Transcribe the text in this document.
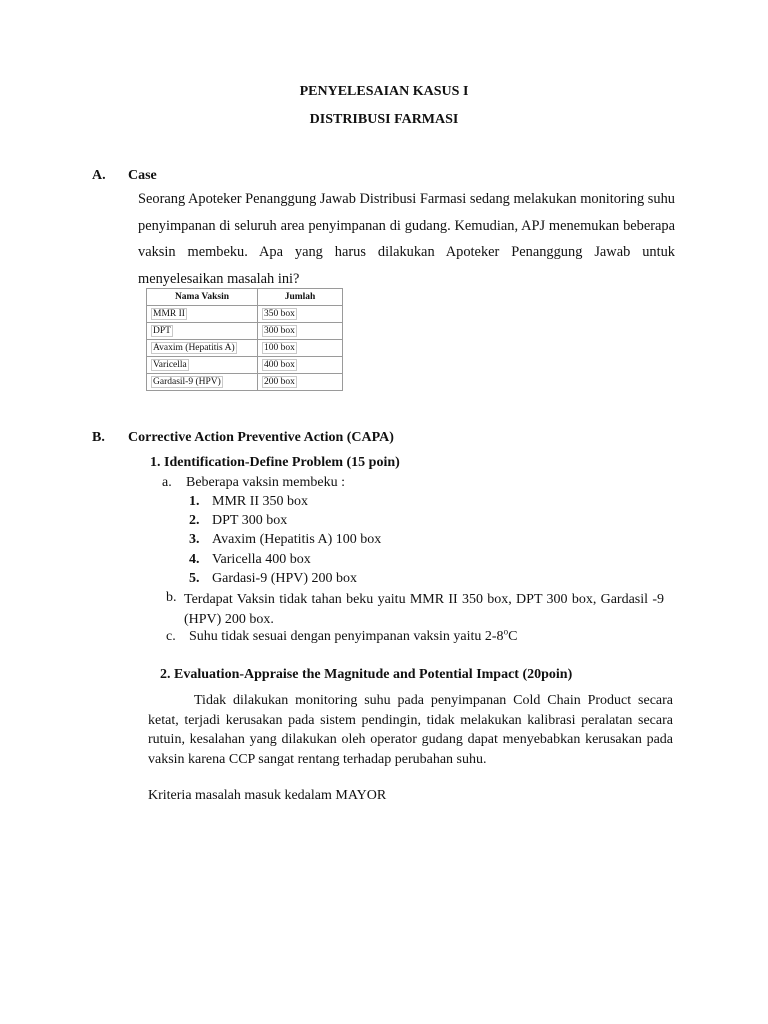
PENYELESAIAN KASUS I
DISTRIBUSI FARMASI
A. Case
Seorang Apoteker Penanggung Jawab Distribusi Farmasi sedang melakukan monitoring suhu penyimpanan di seluruh area penyimpanan di gudang. Kemudian, APJ menemukan beberapa vaksin membeku. Apa yang harus dilakukan Apoteker Penanggung Jawab untuk menyelesaikan masalah ini?
Nama Vaksin	Jumlah
MMR II	350 box
DPT	300 box
Avaxim (Hepatitis A)	100 box
Varicella	400 box
Gardasil-9 (HPV)	200 box
B. Corrective Action Preventive Action (CAPA)
1. Identification-Define Problem (15 poin)
a. Beberapa vaksin membeku :
1. MMR II 350 box
2. DPT 300 box
3. Avaxim (Hepatitis A) 100 box
4. Varicella 400 box
5. Gardasi-9 (HPV) 200 box
b. Terdapat Vaksin tidak tahan beku yaitu MMR II 350 box, DPT 300 box, Gardasil -9 (HPV) 200 box.
c. Suhu tidak sesuai dengan penyimpanan vaksin yaitu 2-8$^o$C
2. Evaluation-Appraise the Magnitude and Potential Impact (20poin)
Tidak dilakukan monitoring suhu pada penyimpanan Cold Chain Product secara ketat, terjadi kerusakan pada sistem pendingin, tidak melakukan kalibrasi peralatan secara rutuin, kesalahan yang dilakukan oleh operator gudang dapat menyebabkan kerusakan pada vaksin karena CCP sangat rentang terhadap perubahan suhu.
Kriteria masalah masuk kedalam MAYOR
